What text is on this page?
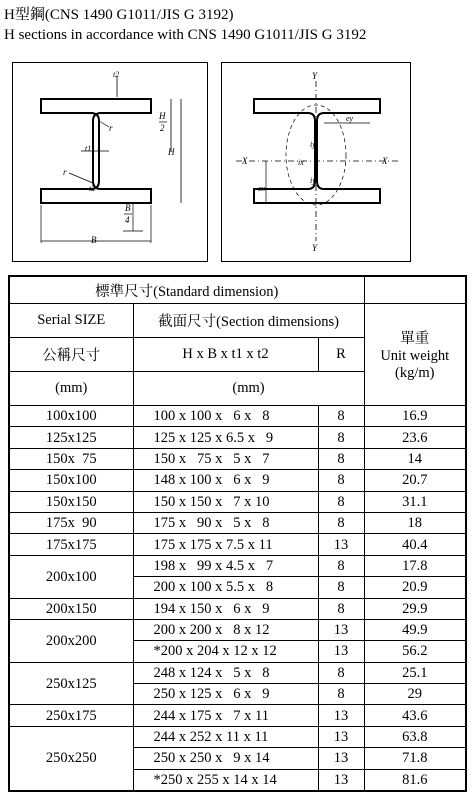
H型鋼(CNS 1490 G1011/JIS G 3192)
H sections in accordance with CNS 1490 G1011/JIS G 3192
t2
r
H
2
t1
r
t2
H
B
4
B
Y
X	X
ey
ix
iy
iy
ex
Y
標準尺寸(Standard dimension)			
Serial SIZE	截面尺寸(Section dimensions)		單重
Unit weight
(kg/m)

公稱尺寸	H x B x t1 x t2	R	
(mm)	(mm)		
100x100	100 x 100 x   6 x   8	8	16.9
125x125	125 x 125 x 6.5 x   9	8	23.6
150x  75	150 x   75 x   5 x   7	8	14
150x100	148 x 100 x   6 x   9	8	20.7
150x150	150 x 150 x   7 x 10	8	31.1
175x  90	175 x   90 x   5 x   8	8	18
175x175	175 x 175 x 7.5 x 11	13	40.4
200x100	198 x   99 x 4.5 x   7	8	17.8
	200 x 100 x 5.5 x   8	8	20.9
200x150	194 x 150 x   6 x   9	8	29.9
200x200	200 x 200 x   8 x 12	13	49.9
	*200 x 204 x 12 x 12	13	56.2
250x125	248 x 124 x   5 x   8	8	25.1
	250 x 125 x   6 x   9	8	29
250x175	244 x 175 x   7 x 11	13	43.6
250x250	244 x 252 x 11 x 11	13	63.8
	250 x 250 x   9 x 14	13	71.8
	*250 x 255 x 14 x 14	13	81.6
